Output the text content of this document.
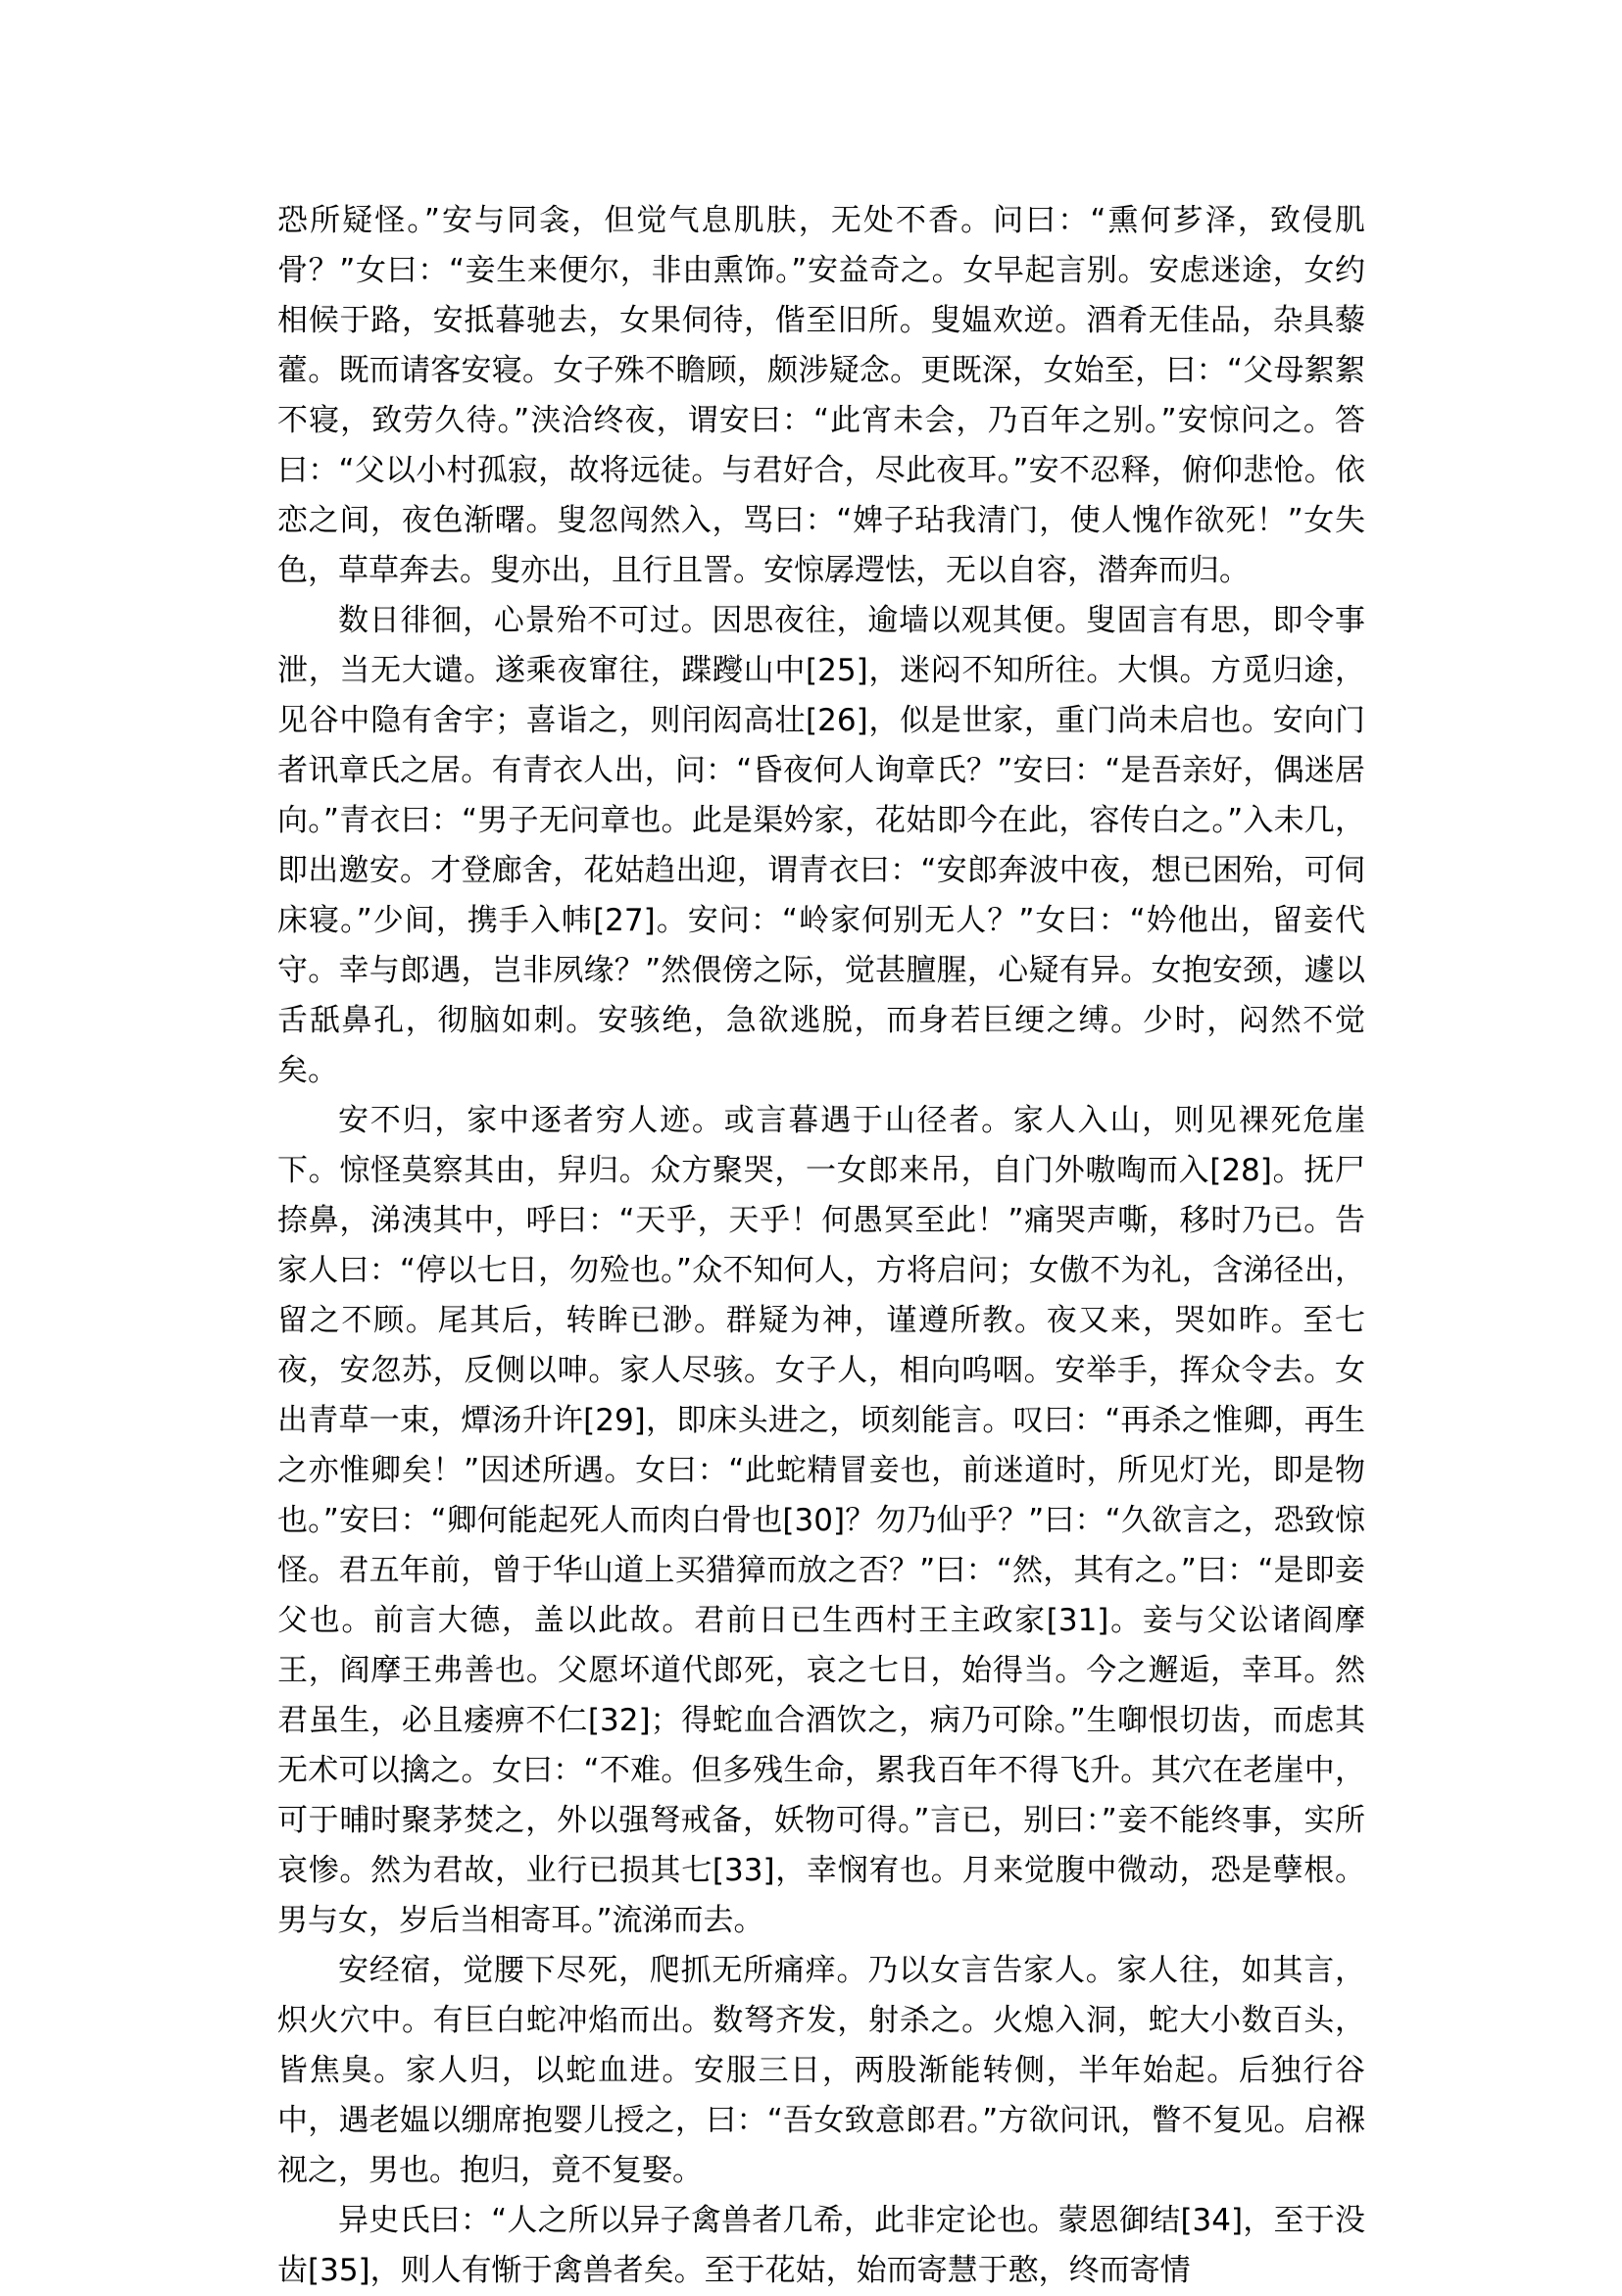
恐所疑怪。”安与同衾，但觉气息肌肤，无处不香。问曰：“熏何芗泽，致侵肌骨？”女曰：“妾生来便尔，非由熏饰。”安益奇之。女早起言别。安虑迷途，女约相候于路，安抵暮驰去，女果伺待，偕至旧所。叟媪欢逆。酒肴无佳品，杂具藜藿。既而请客安寝。女子殊不瞻顾，颇涉疑念。更既深，女始至，曰：“父母絮絮不寝，致劳久待。”浃洽终夜，谓安曰：“此宵未会，乃百年之别。”安惊问之。答曰：“父以小村孤寂，故将远徒。与君好合，尽此夜耳。”安不忍释，俯仰悲怆。依恋之间，夜色渐曙。叟忽闯然入，骂曰：“婢子玷我清门，使人愧作欲死！”女失色，草草奔去。叟亦出，且行且詈。安惊孱遌怯，无以自容，潜奔而归。

数日徘徊，心景殆不可过。因思夜往，逾墙以观其便。叟固言有思，即令事泄，当无大谴。遂乘夜窜往，蹀躞山中[25]，迷闷不知所往。大惧。方觅归途，见谷中隐有舍宇；喜诣之，则闬闳高壮[26]，似是世家，重门尚未启也。安向门者讯章氏之居。有青衣人出，问：“昏夜何人询章氏？”安曰：“是吾亲好，偶迷居向。”青衣曰：“男子无问章也。此是渠妗家，花姑即今在此，容传白之。”入未几，即出邀安。才登廊舍，花姑趋出迎，谓青衣曰：“安郎奔波中夜，想已困殆，可伺床寝。”少间，携手入帏[27]。安问：“岭家何别无人？”女曰：“妗他出，留妾代守。幸与郎遇，岂非夙缘？”然偎傍之际，觉甚膻腥，心疑有异。女抱安颈，遽以舌舐鼻孔，彻脑如刺。安骇绝，急欲逃脱，而身若巨绠之缚。少时，闷然不觉矣。

安不归，家中逐者穷人迹。或言暮遇于山径者。家人入山，则见裸死危崖下。惊怪莫察其由，舁归。众方聚哭，一女郎来吊，自门外嗷啕而入[28]。抚尸捺鼻，涕洟其中，呼曰：“天乎，天乎！何愚冥至此！”痛哭声嘶，移时乃已。告家人曰：“停以七日，勿殓也。”众不知何人，方将启问；女傲不为礼，含涕径出，留之不顾。尾其后，转眸已渺。群疑为神，谨遵所教。夜又来，哭如昨。至七夜，安忽苏，反侧以呻。家人尽骇。女子人，相向呜咽。安举手，挥众令去。女出青草一束，燂汤升许[29]，即床头进之，顷刻能言。叹曰：“再杀之惟卿，再生之亦惟卿矣！”因述所遇。女曰：“此蛇精冒妾也，前迷道时，所见灯光，即是物也。”安曰：“卿何能起死人而肉白骨也[30]？勿乃仙乎？”曰：“久欲言之，恐致惊怪。君五年前，曾于华山道上买猎獐而放之否？”曰：“然，其有之。”曰：“是即妾父也。前言大德，盖以此故。君前日已生西村王主政家[31]。妾与父讼诸阎摩王，阎摩王弗善也。父愿坏道代郎死，哀之七日，始得当。今之邂逅，幸耳。然君虽生，必且痿痹不仁[32]；得蛇血合酒饮之，病乃可除。”生啣恨切齿，而虑其无术可以擒之。女曰：“不难。但多残生命，累我百年不得飞升。其穴在老崖中，可于晡时聚茅焚之，外以强弩戒备，妖物可得。”言已，别曰：”妾不能终事，实所哀惨。然为君故，业行已损其七[33]，幸悯宥也。月来觉腹中微动，恐是孽根。男与女，岁后当相寄耳。”流涕而去。

安经宿，觉腰下尽死，爬抓无所痛痒。乃以女言告家人。家人往，如其言，炽火穴中。有巨白蛇冲焰而出。数弩齐发，射杀之。火熄入洞，蛇大小数百头，皆焦臭。家人归，以蛇血进。安服三日，两股渐能转侧，半年始起。后独行谷中，遇老媪以绷席抱婴儿授之，曰：“吾女致意郎君。”方欲问讯，瞥不复见。启褓视之，男也。抱归，竟不复娶。

异史氏曰：“人之所以异子禽兽者几希，此非定论也。蒙恩御结[34]，至于没齿[35]，则人有惭于禽兽者矣。至于花姑，始而寄慧于憨，终而寄情
